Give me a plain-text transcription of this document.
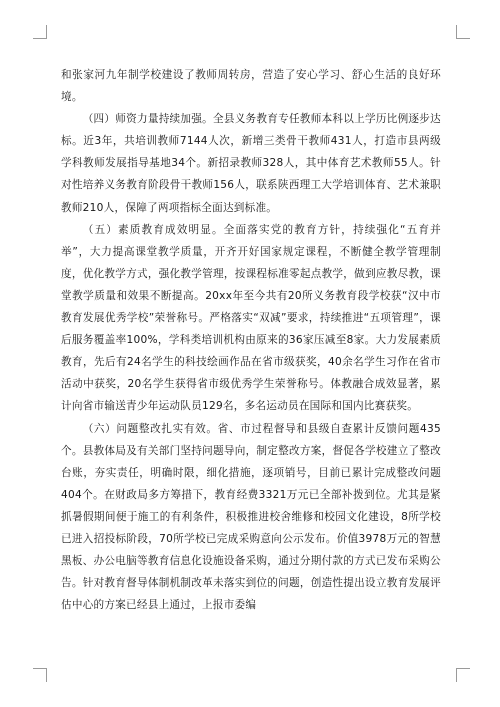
和张家河九年制学校建设了教师周转房，营造了安心学习、舒心生活的良好环境。

（四）师资力量持续加强。全县义务教育专任教师本科以上学历比例逐步达标。近3年，共培训教师7144人次，新增三类骨干教师431人，打造市县两级学科教师发展指导基地34个。新招录教师328人，其中体育艺术教师55人。针对性培养义务教育阶段骨干教师156人，联系陕西理工大学培训体育、艺术兼职教师210人，保障了两项指标全面达到标准。

（五）素质教育成效明显。全面落实党的教育方针，持续强化“五育并举”，大力提高课堂教学质量，开齐开好国家规定课程，不断健全教学管理制度，优化教学方式，强化教学管理，按课程标准零起点教学，做到应教尽教，课堂教学质量和效果不断提高。20xx年至今共有20所义务教育段学校获“汉中市教育发展优秀学校”荣誉称号。严格落实“双减”要求，持续推进“五项管理”，课后服务覆盖率100%，学科类培训机构由原来的36家压减至8家。大力发展素质教育，先后有24名学生的科技绘画作品在省市级获奖，40余名学生习作在省市活动中获奖，20名学生获得省市级优秀学生荣誉称号。体教融合成效显著，累计向省市输送青少年运动队员129名，多名运动员在国际和国内比赛获奖。

（六）问题整改扎实有效。省、市过程督导和县级自查累计反馈问题435个。县教体局及有关部门坚持问题导向，制定整改方案，督促各学校建立了整改台账，夯实责任，明确时限，细化措施，逐项销号，目前已累计完成整改问题404个。在财政局多方筹措下，教育经费3321万元已全部补拨到位。尤其是紧抓暑假期间便于施工的有利条件，积极推进校舍维修和校园文化建设，8所学校已进入招投标阶段，70所学校已完成采购意向公示发布。价值3978万元的智慧黑板、办公电脑等教育信息化设施设备采购，通过分期付款的方式已发布采购公告。针对教育督导体制机制改革未落实到位的问题，创造性提出设立教育发展评估中心的方案已经县上通过，上报市委编
